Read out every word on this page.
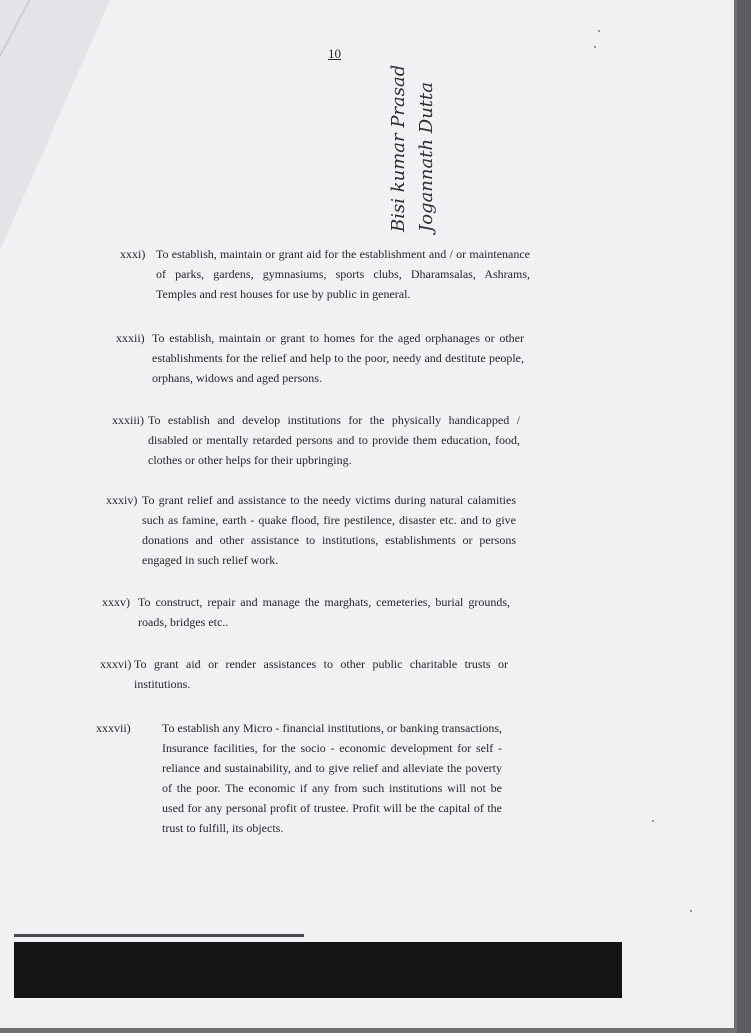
10
Bisi kumar Prasad Jogannath Dutta
xxxi) To establish, maintain or grant aid for the establishment and / or maintenance of parks, gardens, gymnasiums, sports clubs, Dharamsalas, Ashrams, Temples and rest houses for use by public in general.
xxxii) To establish, maintain or grant to homes for the aged orphanages or other establishments for the relief and help to the poor, needy and destitute people, orphans, widows and aged persons.
xxxiii) To establish and develop institutions for the physically handicapped / disabled or mentally retarded persons and to provide them education, food, clothes or other helps for their upbringing.
xxxiv) To grant relief and assistance to the needy victims during natural calamities such as famine, earth - quake flood, fire pestilence, disaster etc. and to give donations and other assistance to institutions, establishments or persons engaged in such relief work.
xxxv) To construct, repair and manage the marghats, cemeteries, burial grounds, roads, bridges etc..
xxxvi) To grant aid or render assistances to other public charitable trusts or institutions.
xxxvii)	To establish any Micro - financial institutions, or banking transactions, Insurance facilities, for the socio - economic development for self - reliance and sustainability, and to give relief and alleviate the poverty of the poor. The economic if any from such institutions will not be used for any personal profit of trustee. Profit will be the capital of the trust to fulfill, its objects.
